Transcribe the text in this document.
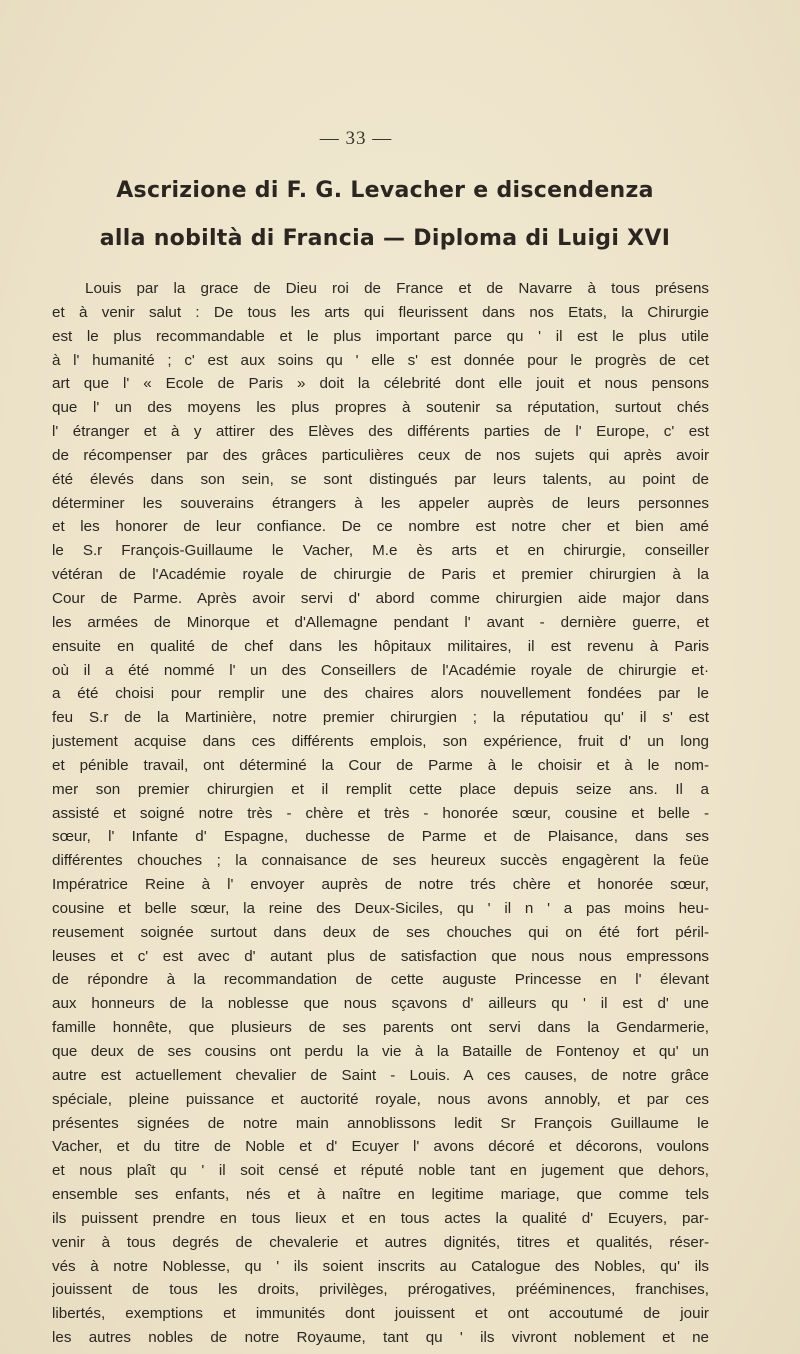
— 33 —
Ascrizione di F. G. Levacher e discendenza
alla nobiltà di Francia — Diploma di Luigi XVI
Louis par la grace de Dieu roi de France et de Navarre à tous présens
et à venir salut : De tous les arts qui fleurissent dans nos Etats, la Chirurgie
est le plus recommandable et le plus important parce qu ' il est le plus utile
à l' humanité ; c' est aux soins qu ' elle s' est donnée pour le progrès de cet
art que l' « Ecole de Paris » doit la célebrité dont elle jouit et nous pensons
que l' un des moyens les plus propres à soutenir sa réputation, surtout chés
l' étranger et à y attirer des Elèves des différents parties de l' Europe, c' est
de récompenser par des grâces particulières ceux de nos sujets qui après avoir
été élevés dans son sein, se sont distingués par leurs talents, au point de
déterminer les souverains étrangers à les appeler auprès de leurs personnes
et les honorer de leur confiance. De ce nombre est notre cher et bien amé
le S.r François-Guillaume le Vacher, M.e ès arts et en chirurgie, conseiller
vétéran de l'Académie royale de chirurgie de Paris et premier chirurgien à la
Cour de Parme. Après avoir servi d' abord comme chirurgien aide major dans
les armées de Minorque et d'Allemagne pendant l' avant - dernière guerre, et
ensuite en qualité de chef dans les hôpitaux militaires, il est revenu à Paris
où il a été nommé l' un des Conseillers de l'Académie royale de chirurgie et·
a été choisi pour remplir une des chaires alors nouvellement fondées par le
feu S.r de la Martinière, notre premier chirurgien ; la réputatiou qu' il s' est
justement acquise dans ces différents emplois, son expérience, fruit d' un long
et pénible travail, ont déterminé la Cour de Parme à le choisir et à le nom-
mer son premier chirurgien et il remplit cette place depuis seize ans. Il a
assisté et soigné notre très - chère et très - honorée sœur, cousine et belle -
sœur, l' Infante d' Espagne, duchesse de Parme et de Plaisance, dans ses
différentes chouches ; la connaisance de ses heureux succès engagèrent la feüe
Impératrice Reine à l' envoyer auprès de notre trés chère et honorée sœur,
cousine et belle sœur, la reine des Deux-Siciles, qu ' il n ' a pas moins heu-
reusement soignée surtout dans deux de ses chouches qui on été fort péril-
leuses et c' est avec d' autant plus de satisfaction que nous nous empressons
de répondre à la recommandation de cette auguste Princesse en l' élevant
aux honneurs de la noblesse que nous sçavons d' ailleurs qu ' il est d' une
famille honnête, que plusieurs de ses parents ont servi dans la Gendarmerie,
que deux de ses cousins ont perdu la vie à la Bataille de Fontenoy et qu' un
autre est actuellement chevalier de Saint - Louis. A ces causes, de notre grâce
spéciale, pleine puissance et auctorité royale, nous avons annobly, et par ces
présentes signées de notre main annoblissons ledit Sr François Guillaume le
Vacher, et du titre de Noble et d' Ecuyer l' avons décoré et décorons, voulons
et nous plaît qu ' il soit censé et réputé noble tant en jugement que dehors,
ensemble ses enfants, nés et à naître en legitime mariage, que comme tels
ils puissent prendre en tous lieux et en tous actes la qualité d' Ecuyers, par-
venir à tous degrés de chevalerie et autres dignités, titres et qualités, réser-
vés à notre Noblesse, qu ' ils soient inscrits au Catalogue des Nobles, qu' ils
jouissent de tous les droits, privilèges, prérogatives, prééminences, franchises,
libertés, exemptions et immunités dont jouissent et ont accoutumé de jouir
les autres nobles de notre Royaume, tant qu ' ils vivront noblement et ne
